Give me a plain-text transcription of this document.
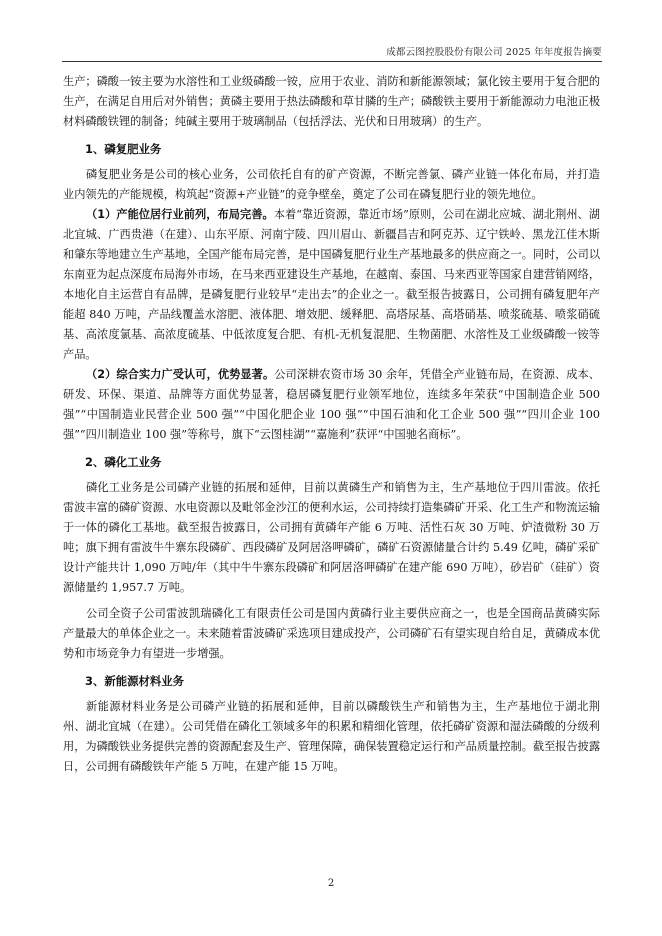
成都云图控股股份有限公司 2025 年年度报告摘要

生产；磷酸一铵主要为水溶性和工业级磷酸一铵，应用于农业、消防和新能源领域；氯化铵主要用于复合肥的生产，在满足自用后对外销售；黄磷主要用于热法磷酸和草甘膦的生产；磷酸铁主要用于新能源动力电池正极材料磷酸铁锂的制备；纯碱主要用于玻璃制品（包括浮法、光伏和日用玻璃）的生产。

1、磷复肥业务

磷复肥业务是公司的核心业务，公司依托自有的矿产资源，不断完善氯、磷产业链一体化布局，并打造业内领先的产能规模，构筑起“资源+产业链”的竞争壁垒，奠定了公司在磷复肥行业的领先地位。

（1）产能位居行业前列，布局完善。本着“靠近资源，靠近市场”原则，公司在湖北应城、湖北荆州、湖北宜城、广西贵港（在建）、山东平原、河南宁陵、四川眉山、新疆昌吉和阿克苏、辽宁铁岭、黑龙江佳木斯和肇东等地建立生产基地，全国产能布局完善，是中国磷复肥行业生产基地最多的供应商之一。同时，公司以东南亚为起点深度布局海外市场，在马来西亚建设生产基地，在越南、泰国、马来西亚等国家自建营销网络，本地化自主运营自有品牌，是磷复肥行业较早“走出去”的企业之一。截至报告披露日，公司拥有磷复肥年产能超 840 万吨，产品线覆盖水溶肥、液体肥、增效肥、缓释肥、高塔尿基、高塔硝基、喷浆硫基、喷浆硝硫基、高浓度氯基、高浓度硫基、中低浓度复合肥、有机-无机复混肥、生物菌肥、水溶性及工业级磷酸一铵等产品。

（2）综合实力广受认可，优势显著。公司深耕农资市场 30 余年，凭借全产业链布局，在资源、成本、研发、环保、渠道、品牌等方面优势显著，稳居磷复肥行业领军地位，连续多年荣获“中国制造企业 500 强”“中国制造业民营企业 500 强”“中国化肥企业 100 强”“中国石油和化工企业 500 强”“四川企业 100 强”“四川制造业 100 强”等称号，旗下“云图桂湖”“嘉施利”获评“中国驰名商标”。

2、磷化工业务

磷化工业务是公司磷产业链的拓展和延伸，目前以黄磷生产和销售为主，生产基地位于四川雷波。依托雷波丰富的磷矿资源、水电资源以及毗邻金沙江的便利水运，公司持续打造集磷矿开采、化工生产和物流运输于一体的磷化工基地。截至报告披露日，公司拥有黄磷年产能 6 万吨、活性石灰 30 万吨、炉渣微粉 30 万吨；旗下拥有雷波牛牛寨东段磷矿、西段磷矿及阿居洛呷磷矿，磷矿石资源储量合计约 5.49 亿吨，磷矿采矿设计产能共计 1,090 万吨/年（其中牛牛寨东段磷矿和阿居洛呷磷矿在建产能 690 万吨），砂岩矿（硅矿）资源储量约 1,957.7 万吨。

公司全资子公司雷波凯瑞磷化工有限责任公司是国内黄磷行业主要供应商之一，也是全国商品黄磷实际产量最大的单体企业之一。未来随着雷波磷矿采选项目建成投产，公司磷矿石有望实现自给自足，黄磷成本优势和市场竞争力有望进一步增强。

3、新能源材料业务

新能源材料业务是公司磷产业链的拓展和延伸，目前以磷酸铁生产和销售为主，生产基地位于湖北荆州、湖北宜城（在建）。公司凭借在磷化工领域多年的积累和精细化管理，依托磷矿资源和湿法磷酸的分级利用，为磷酸铁业务提供完善的资源配套及生产、管理保障，确保装置稳定运行和产品质量控制。截至报告披露日，公司拥有磷酸铁年产能 5 万吨，在建产能 15 万吨。

2
